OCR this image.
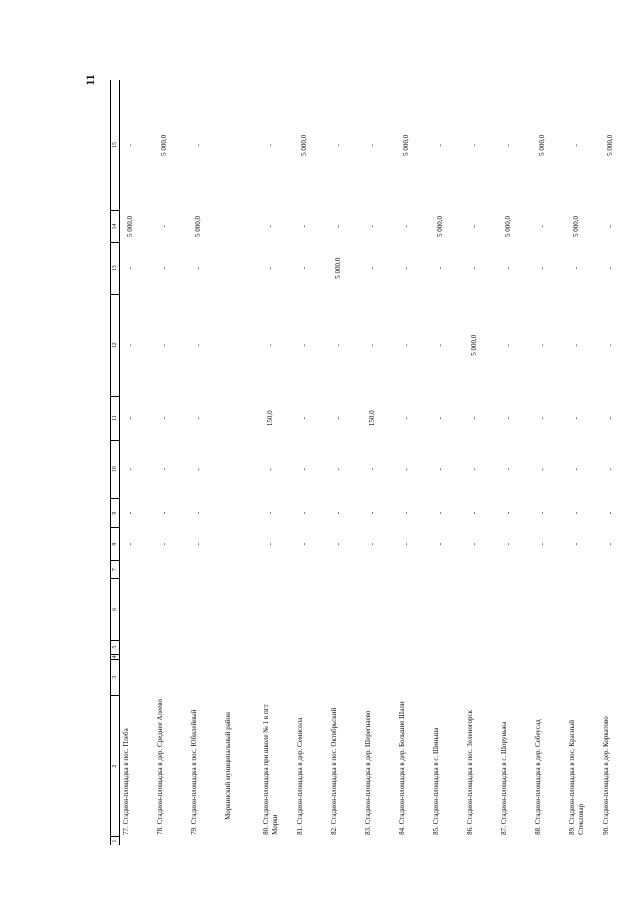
11
1	2	3	4	5	6	7	8	9	10	11	12	13	14	15
	77. Стадион-площадка в пос. Плеба						-	-	-	-	-	-	5 000,0	-
	78. Стадион-площадка в дер. Среднее Алеево						-	-	-	-	-	-	-	5 000,0
	79. Стадион-площадка в пос. Юбилейный						-	-	-	-	-	-	5 000,0	-
	Моркинский муниципальный район													
	80. Стадион-площадка при школе № 1 в пгт Морки						-	-	-	150,0	-	-	-	-
	81. Стадион-площадка в дер. Семисола						-	-	-	-	-	-	-	5 000,0
	82. Стадион-площадка в пос. Октябрьский						-	-	-	-	-	5 000,0	-	-
	83. Стадион-площадка в дер. Шерегнаево						-	-	-	150,0	-	-	-	-
	84. Стадион-площадка в дер. Большие Шали						-	-	-	-	-	-	-	5 000,0
	85. Стадион-площадка в с. Шиньша						-	-	-	-	-	-	5 000,0	-
	86. Стадион-площадка в пос. Зеленогорск						-	-	-	-	5 000,0	-	-	-
	87. Стадион-площадка в с. Шоруньжа						-	-	-	-	-	-	5 000,0	-
	88. Стадион-площадка в дер. Себеусад						-	-	-	-	-	-	-	5 000,0
	89. Стадион-площадка в пос. Красный Стекловар						-	-	-	-	-	-	5 000,0	-
	90. Стадион-площадка в дер. Коркатово						-	-	-	-	-	-	-	5 000,0
